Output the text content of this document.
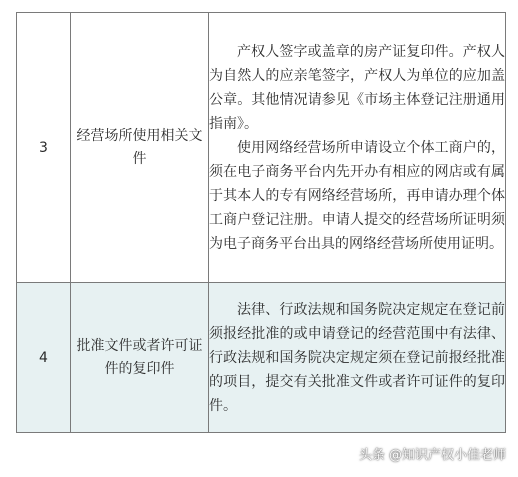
3	经营场所使用相关文件	产权人签字或盖章的房产证复印件。产权人为自然人的应亲笔签字，产权人为单位的应加盖公章。其他情况请参见《市场主体登记注册通用指南》。

使用网络经营场所申请设立个体工商户的，须在电子商务平台内先开办有相应的网店或有属于其本人的专有网络经营场所，再申请办理个体工商户登记注册。申请人提交的经营场所证明须为电子商务平台出具的网络经营场所使用证明。

4	批准文件或者许可证件的复印件	法律、行政法规和国务院决定规定在登记前须报经批准的或申请登记的经营范围中有法律、行政法规和国务院决定规定须在登记前报经批准的项目，提交有关批准文件或者许可证件的复印件。

头条 @知识产权小佳老师
